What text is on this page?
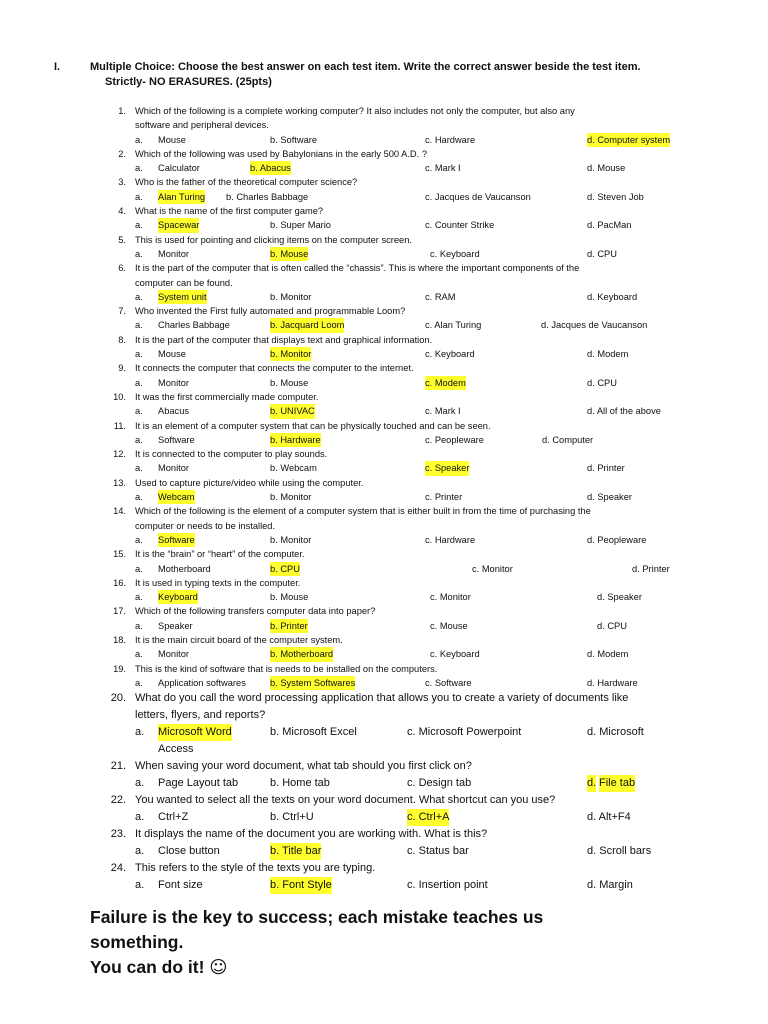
I.	Multiple Choice: Choose the best answer on each test item. Write the correct answer beside the test item.
Strictly- NO ERASURES. (25pts)
1. Which of the following is a complete working computer? It also includes not only the computer, but also any
software and peripheral devices.
a. Mouse	b. Software	c. Hardware	d. Computer system
2. Which of the following was used by Babylonians in the early 500 A.D. ?
a. Calculator	b. Abacus	c. Mark I	d. Mouse
3. Who is the father of the theoretical computer science?
a. Alan Turing b. Charles Babbage	c. Jacques de Vaucanson	d. Steven Job
4. What is the name of the first computer game?
a. Spacewar	b. Super Mario	c. Counter Strike	d. PacMan
5. This is used for pointing and clicking items on the computer screen.
a. Monitor	b. Mouse	c. Keyboard	d. CPU
6. It is the part of the computer that is often called the “chassis”. This is where the important components of the
computer can be found.
a. System unit	b. Monitor	c. RAM	d. Keyboard
7. Who invented the First fully automated and programmable Loom?
a. Charles Babbage	b. Jacquard Loom	c. Alan Turing	d. Jacques de Vaucanson
8. It is the part of the computer that displays text and graphical information.
a. Mouse	b. Monitor	c. Keyboard	d. Modem
9. It connects the computer that connects the computer to the internet.
a. Monitor	b. Mouse	c. Modem	d. CPU
10. It was the first commercially made computer.
a. Abacus	b. UNIVAC	c. Mark I	d. All of the above
11. It is an element of a computer system that can be physically touched and can be seen.
a. Software	b. Hardware	c. Peopleware	d. Computer
12. It is connected to the computer to play sounds.
a. Monitor	b. Webcam	c. Speaker	d. Printer
13. Used to capture picture/video while using the computer.
a. Webcam	b. Monitor	c. Printer	d. Speaker
14. Which of the following is the element of a computer system that is either built in from the time of purchasing the
computer or needs to be installed.
a. Software	b. Monitor	c. Hardware	d. Peopleware
15. It is the “brain” or “heart” of the computer.
a. Motherboard	b. CPU	c. Monitor	d. Printer
16. It is used in typing texts in the computer.
a. Keyboard	b. Mouse	c. Monitor	d. Speaker
17. Which of the following transfers computer data into paper?
a. Speaker	b. Printer	c. Mouse	d. CPU
18. It is the main circuit board of the computer system.
a. Monitor	b. Motherboard	c. Keyboard	d. Modem
19. This is the kind of software that is needs to be installed on the computers.
a. Application softwares	b. System Softwares	c. Software	d. Hardware
20. What do you call the word processing application that allows you to create a variety of documents like
letters, flyers, and reports?
a. Microsoft Word	b. Microsoft Excel	c. Microsoft Powerpoint	d. Microsoft
Access
21. When saving your word document, what tab should you first click on?
a. Page Layout tab	b. Home tab	c. Design tab	d. File tab
22. You wanted to select all the texts on your word document. What shortcut can you use?
a. Ctrl+Z	b. Ctrl+U	c. Ctrl+A	d. Alt+F4
23. It displays the name of the document you are working with. What is this?
a. Close button	b. Title bar	c. Status bar	d. Scroll bars
24. This refers to the style of the texts you are typing.
a. Font size	b. Font Style	c. Insertion point	d. Margin
Failure is the key to success; each mistake teaches us
something.
You can do it! ☺
